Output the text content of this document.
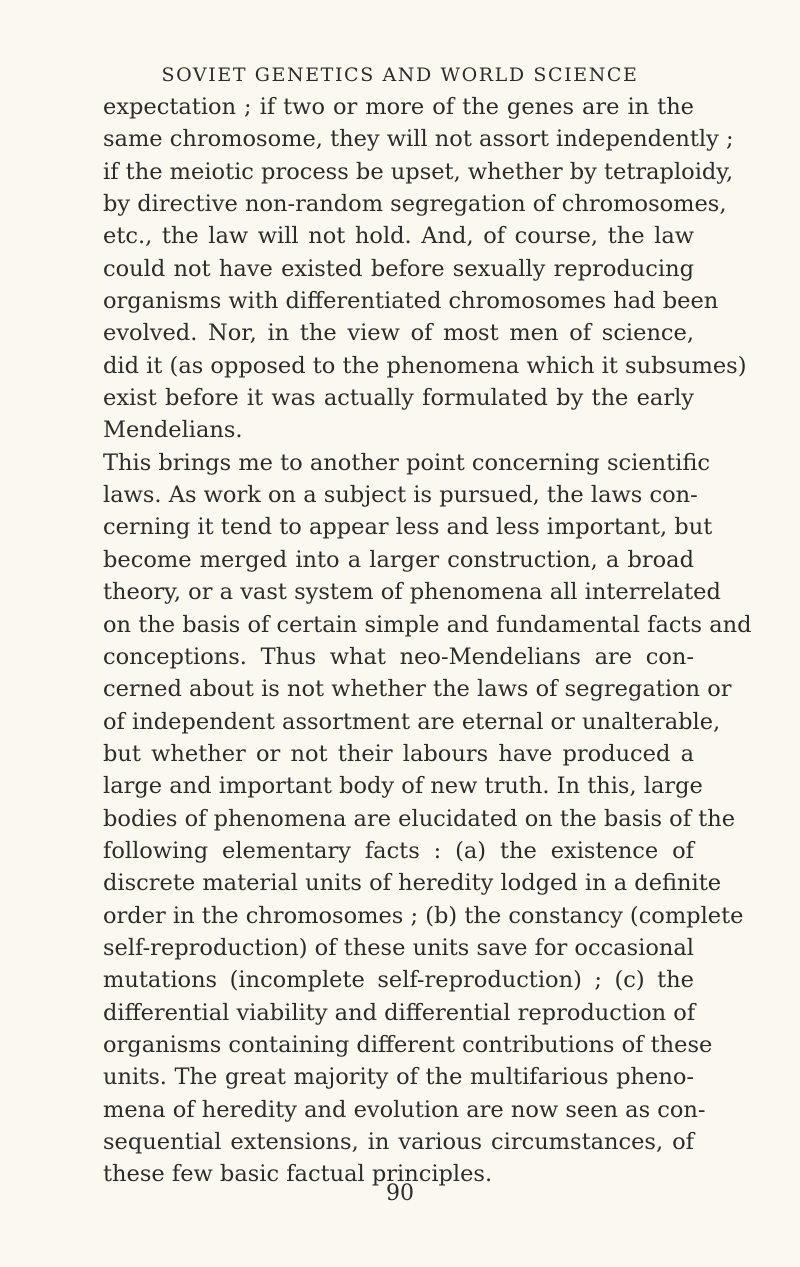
SOVIET GENETICS AND WORLD SCIENCE
expectation ; if two or more of the genes are in the
same chromosome, they will not assort independently ;
if the meiotic process be upset, whether by tetraploidy,
by directive non-random segregation of chromosomes,
etc., the law will not hold. And, of course, the law
could not have existed before sexually reproducing
organisms with differentiated chromosomes had been
evolved. Nor, in the view of most men of science,
did it (as opposed to the phenomena which it subsumes)
exist before it was actually formulated by the early
Mendelians.
This brings me to another point concerning scientific
laws. As work on a subject is pursued, the laws con-
cerning it tend to appear less and less important, but
become merged into a larger construction, a broad
theory, or a vast system of phenomena all interrelated
on the basis of certain simple and fundamental facts and
conceptions. Thus what neo-Mendelians are con-
cerned about is not whether the laws of segregation or
of independent assortment are eternal or unalterable,
but whether or not their labours have produced a
large and important body of new truth. In this, large
bodies of phenomena are elucidated on the basis of the
following elementary facts : (a) the existence of
discrete material units of heredity lodged in a definite
order in the chromosomes ; (b) the constancy (complete
self-reproduction) of these units save for occasional
mutations (incomplete self-reproduction) ; (c) the
differential viability and differential reproduction of
organisms containing different contributions of these
units. The great majority of the multifarious pheno-
mena of heredity and evolution are now seen as con-
sequential extensions, in various circumstances, of
these few basic factual principles.
90
